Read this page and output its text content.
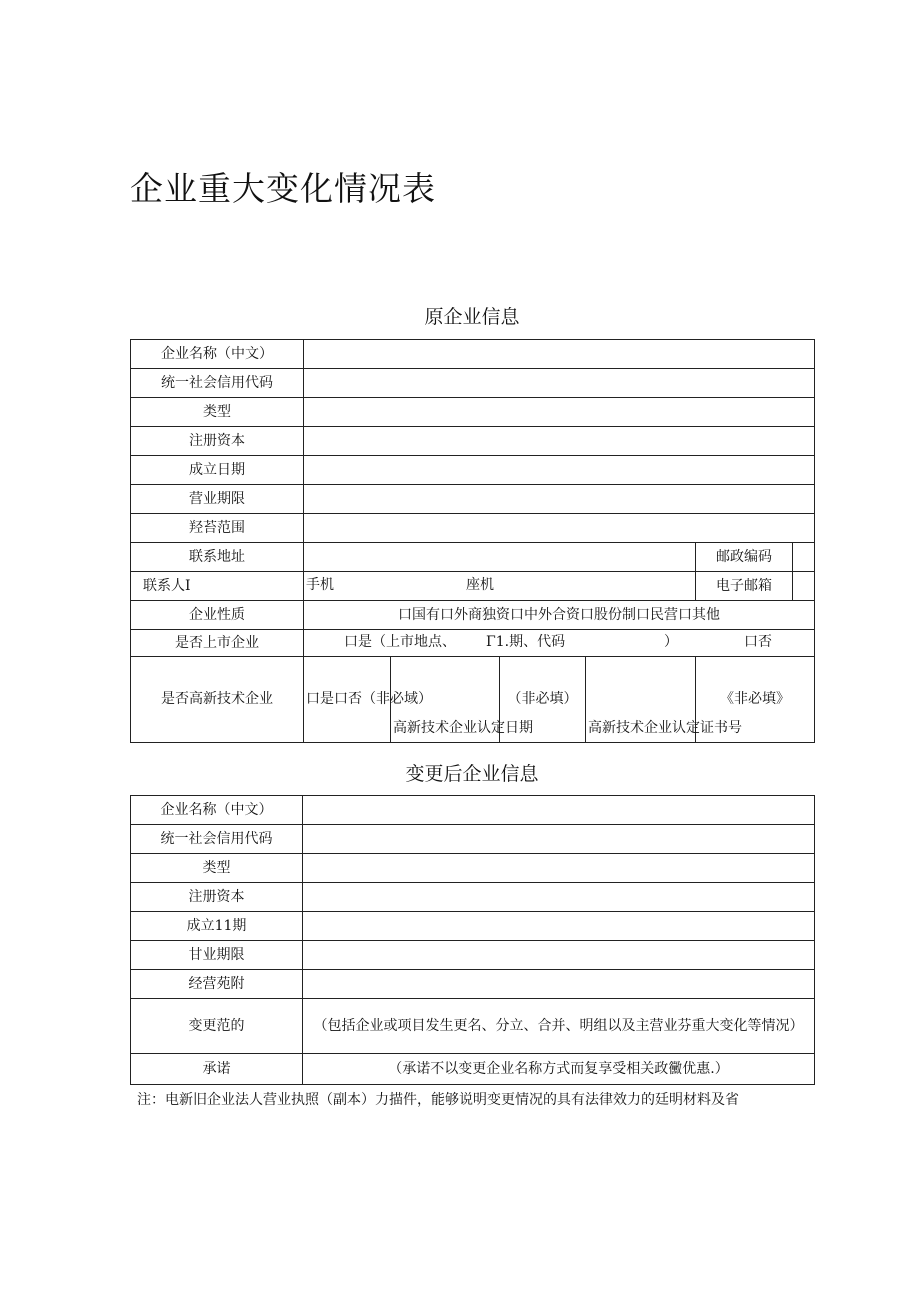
企业重大变化情况表
原企业信息
企业名称（中文）					
统一社会信用代码					
类型					
注册资本					
成立日期					
营业期限					
羟苔范围					
联系地址					邮政编码

联系人I	手机 座机				电子邮箱

企业性质	口国有口外商独资口中外合资口股份制口民营口其他				
是否上市企业	口是（上市地点、 Γ1.期、代码 ） 口否				

是否高新技术企业	口是口否（非必域）	高新技术企业认定日期	（非必填）	高新技术企业认定证书号	《非必填》
变更后企业信息
企业名称（中文）	
统一社会信用代码	
类型	
注册资本	
成立11期	
甘业期限	
经营苑附	
变更范的	（包括企业或项目发生更名、分立、合并、明组以及主营业芬重大变化等情况）
承诺	（承诺不以变更企业名称方式而复享受相关政黴优惠.）
注：电新旧企业法人营业执照（副本）力描件，能够说明变更情况的具有法律效力的廷明材料及省
